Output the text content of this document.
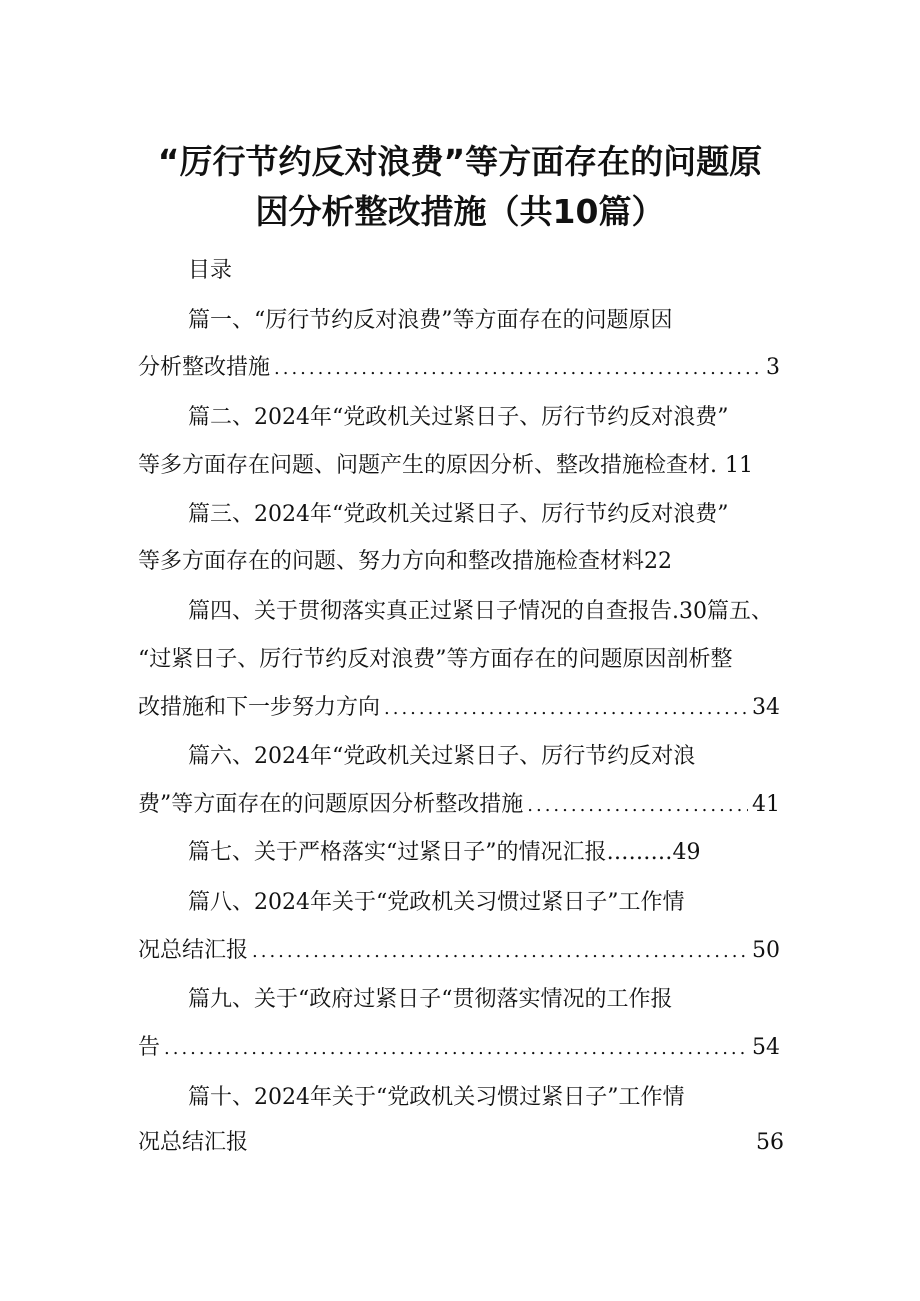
“厉行节约反对浪费”等方面存在的问题原
因分析整改措施（共10篇）

目录

篇一、“厉行节约反对浪费”等方面存在的问题原因

分析整改措施 .....	3

篇二、2024年“党政机关过紧日子、厉行节约反对浪费”

等多方面存在问题、问题产生的原因分析、整改措施检查材. 11

篇三、2024年“党政机关过紧日子、厉行节约反对浪费”

等多方面存在的问题、努力方向和整改措施检查材料22

篇四、关于贯彻落实真正过紧日子情况的自查报告.30篇五、

“过紧日子、厉行节约反对浪费”等方面存在的问题原因剖析整

改措施和下一步努力方向 .....	34

篇六、2024年“党政机关过紧日子、厉行节约反对浪

费”等方面存在的问题原因分析整改措施 .....	41

篇七、关于严格落实“过紧日子”的情况汇报………49

篇八、2024年关于“党政机关习惯过紧日子”工作情

况总结汇报 .....	50

篇九、关于“政府过紧日子“贯彻落实情况的工作报

告 .....	54

篇十、2024年关于“党政机关习惯过紧日子”工作情

况总结汇报	56
